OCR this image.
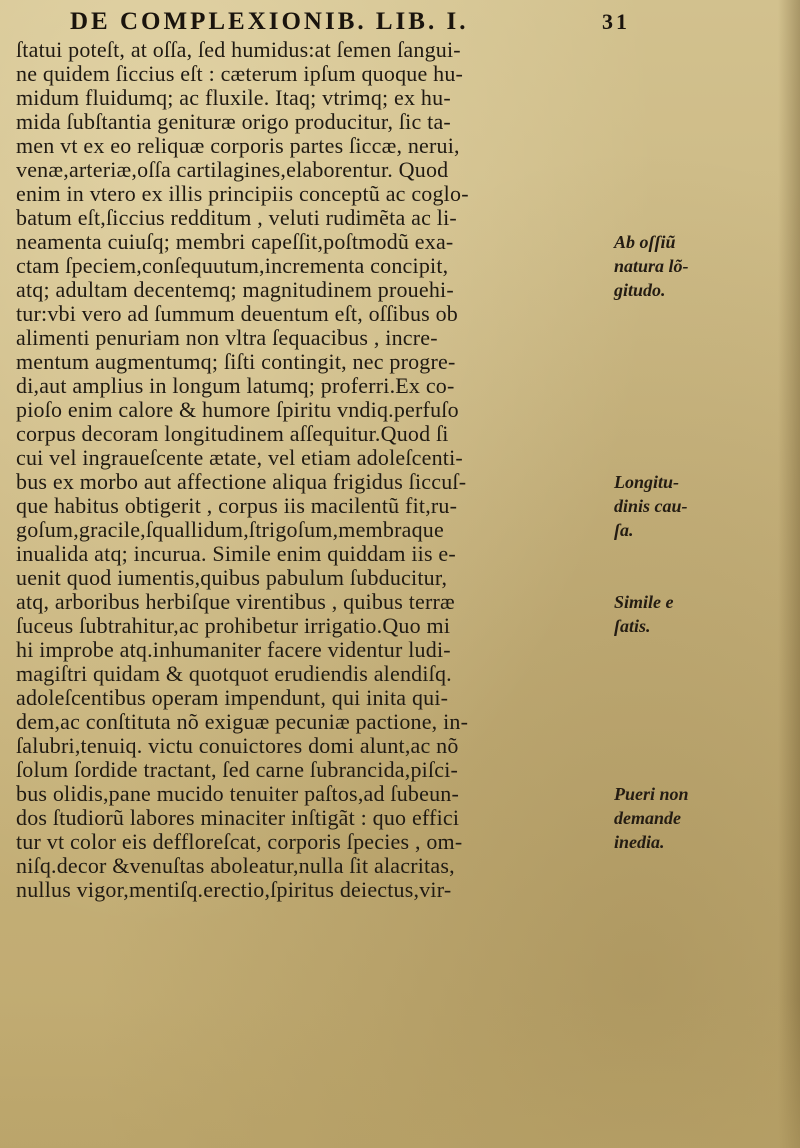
DE COMPLEXIONIB. LIB. I.	31
ſtatui poteſt, at oſſa, ſed humidus:at ſemen ſangui-
ne quidem ſiccius eſt : cæterum ipſum quoque hu-
midum fluidumq; ac fluxile. Itaq; vtrimq; ex hu-
mida ſubſtantia genituræ origo producitur, ſic ta-
men vt ex eo reliquæ corporis partes ſiccæ, nerui,
venæ,arteriæ,oſſa cartilagines,elaborentur. Quod
enim in vtero ex illis principiis conceptũ ac coglo-
batum eſt,ſiccius redditum , veluti rudimẽta ac li-
neamenta cuiuſq; membri capeſſit,poſtmodũ exa-
ctam ſpeciem,conſequutum,incrementa concipit,
atq; adultam decentemq; magnitudinem prouehi-
tur:vbi vero ad ſummum deuentum eſt, oſſibus ob
alimenti penuriam non vltra ſequacibus , incre-
mentum augmentumq; ſiſti contingit, nec progre-
di,aut amplius in longum latumq; proferri.Ex co-
pioſo enim calore & humore ſpiritu vndiq.perfuſo
corpus decoram longitudinem aſſequitur.Quod ſi
cui vel ingraueſcente ætate, vel etiam adoleſcenti-
bus ex morbo aut affectione aliqua frigidus ſiccuſ-
que habitus obtigerit , corpus iis macilentũ fit,ru-
goſum,gracile,ſquallidum,ſtrigoſum,membraque
inualida atq; incurua. Simile enim quiddam iis e-
uenit quod iumentis,quibus pabulum ſubducitur,
atq, arboribus herbiſque virentibus , quibus terræ
ſuceus ſubtrahitur,ac prohibetur irrigatio.Quo mi
hi improbe atq.inhumaniter facere videntur ludi-
magiſtri quidam & quotquot erudiendis alendiſq.
adoleſcentibus operam impendunt, qui inita qui-
dem,ac conſtituta nõ exiguæ pecuniæ pactione, in-
ſalubri,tenuiq. victu conuictores domi alunt,ac nõ
ſolum ſordide tractant, ſed carne ſubrancida,piſci-
bus olidis,pane mucido tenuiter paſtos,ad ſubeun-
dos ſtudiorũ labores minaciter inſtigãt : quo effici
tur vt color eis deffloreſcat, corporis ſpecies , om-
niſq.decor &venuſtas aboleatur,nulla ſit alacritas,
nullus vigor,mentiſq.erectio,ſpiritus deiectus,vir-
Ab oſſiũ
natura lõ-
gitudo.
Longitu-
dinis cau-
ſa.
Simile e
ſatis.
Pueri non
demande
inedia.
